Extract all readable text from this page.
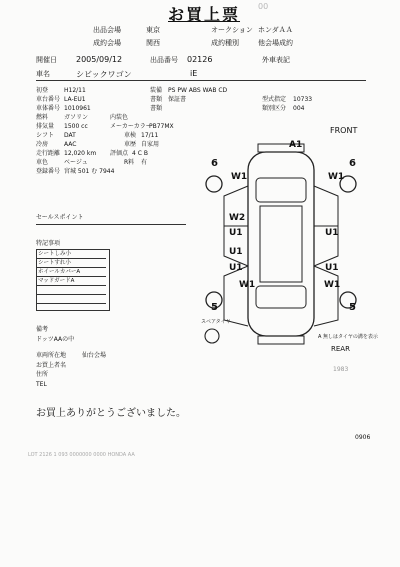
お買上票 00
出品会場	東京	オークション ホンダＡＡ
成約会場	関西	成約種別	他会場成約
開催日 2005/09/12	出品番号 02126	外車表記
車名	シビックワゴン	iE
初登	H12/11
車台番号 LA-EU1
車体番号 1010961
燃料	ガソリン	内装色
排気量 1500 cc	メーカーカラー
PB77MX
シフト DAT	車検 17/11
冷房	AAC	車歴 自家用
走行距離 12,020 km 評価点 4 C B
車色	ベージュ	R料 有
登録番号 宮城 501 む 7944
装備 PS PW ABS WAB CD
書類 保証書
書類
型式指定 10733
類別区分 004
セールスポイント
特記事項
シートしみ小
シートすれ小
ホイールカバーA
マッドガードA
備考
ドッツAAの中
車両所在地	仙台会場
お買上者名
住所
TEL
FRONT
A1
W1
W2
U1
U1
U1
U1
U1
W1
W1
W1
6	6
5	5
スペアタイヤ
A 無しはタイヤの溝を表示
REAR
1983
お買上ありがとうございました。
0906
LOT 2126 1 093 0000000 0000 HONDA AA
